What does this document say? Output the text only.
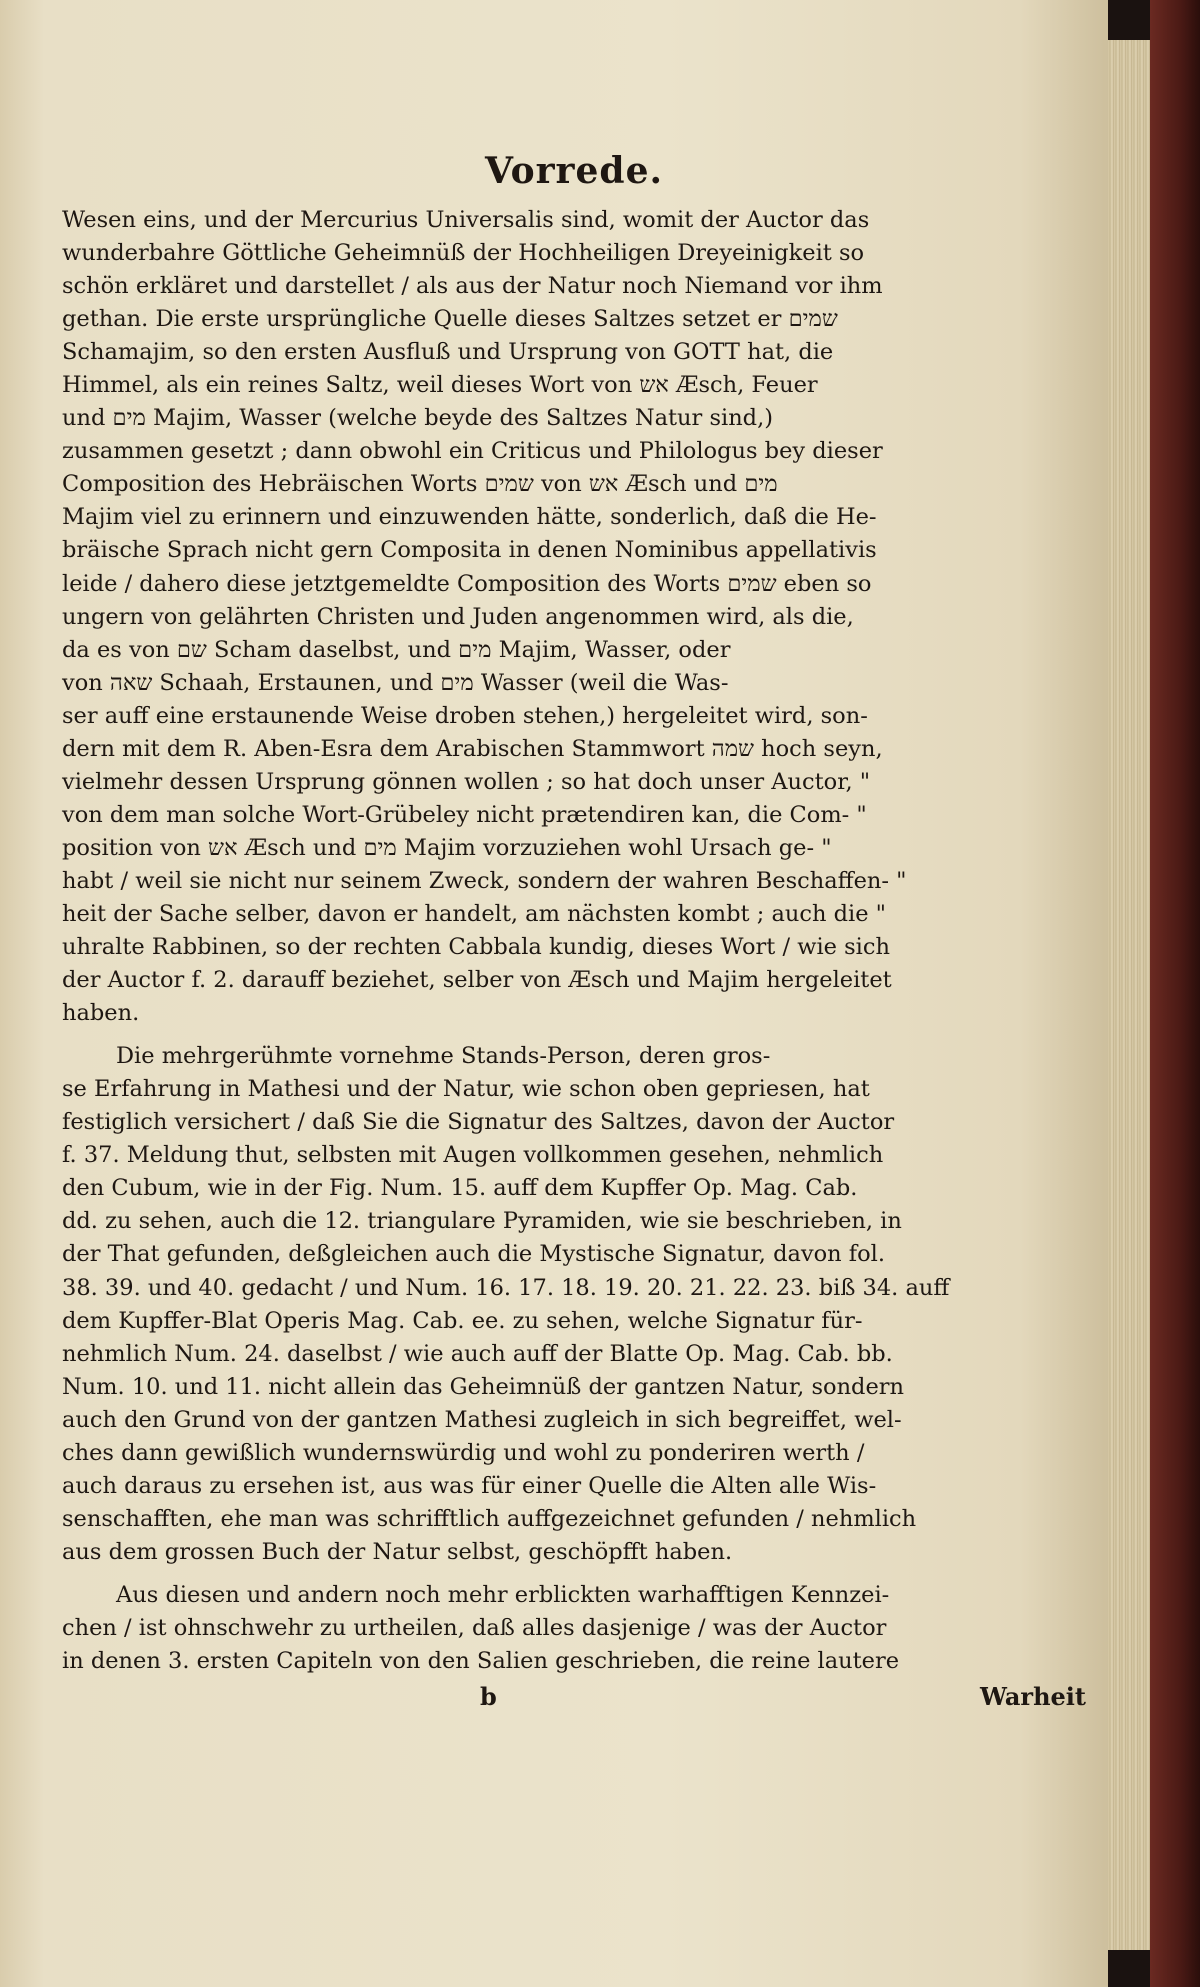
Vorrede.

Wesen eins, und der Mercurius Universalis sind, womit der Auctor das
wunderbahre Göttliche Geheimnüß der Hochheiligen Dreyeinigkeit so
schön erkläret und darstellet / als aus der Natur noch Niemand vor ihm
gethan. Die erste ursprüngliche Quelle dieses Saltzes setzet er שמים
Schamajim, so den ersten Ausfluß und Ursprung von GOTT hat, die
Himmel, als ein reines Saltz, weil dieses Wort von אש Æsch, Feuer
und מים Majim, Wasser (welche beyde des Saltzes Natur sind,)
zusammen gesetzt ; dann obwohl ein Criticus und Philologus bey dieser
Composition des Hebräischen Worts שמים von אש Æsch und מים
Majim viel zu erinnern und einzuwenden hätte, sonderlich, daß die He-
bräische Sprach nicht gern Composita in denen Nominibus appellativis
leide / dahero diese jetztgemeldte Composition des Worts שמים eben so
ungern von gelährten Christen und Juden angenommen wird, als die,
da es von שם Scham daselbst, und מים Majim, Wasser, oder
von שאה Schaah, Erstaunen, und מים Wasser (weil die Was-
ser auff eine erstaunende Weise droben stehen,) hergeleitet wird, son-
dern mit dem R. Aben-Esra dem Arabischen Stammwort שמה hoch seyn,
vielmehr dessen Ursprung gönnen wollen ; so hat doch unser Auctor, "
von dem man solche Wort-Grübeley nicht prætendiren kan, die Com- "
position von אש Æsch und מים Majim vorzuziehen wohl Ursach ge- "
habt / weil sie nicht nur seinem Zweck, sondern der wahren Beschaffen- "
heit der Sache selber, davon er handelt, am nächsten kombt ; auch die "
uhralte Rabbinen, so der rechten Cabbala kundig, dieses Wort / wie sich
der Auctor f. 2. darauff beziehet, selber von Æsch und Majim hergeleitet
haben.

Die mehrgerühmte vornehme Stands-Person, deren gros-
se Erfahrung in Mathesi und der Natur, wie schon oben gepriesen, hat
festiglich versichert / daß Sie die Signatur des Saltzes, davon der Auctor
f. 37. Meldung thut, selbsten mit Augen vollkommen gesehen, nehmlich
den Cubum, wie in der Fig. Num. 15. auff dem Kupffer Op. Mag. Cab.
dd. zu sehen, auch die 12. triangulare Pyramiden, wie sie beschrieben, in
der That gefunden, deßgleichen auch die Mystische Signatur, davon fol.
38. 39. und 40. gedacht / und Num. 16. 17. 18. 19. 20. 21. 22. 23. biß 34. auff
dem Kupffer-Blat Operis Mag. Cab. ee. zu sehen, welche Signatur für-
nehmlich Num. 24. daselbst / wie auch auff der Blatte Op. Mag. Cab. bb.
Num. 10. und 11. nicht allein das Geheimnüß der gantzen Natur, sondern
auch den Grund von der gantzen Mathesi zugleich in sich begreiffet, wel-
ches dann gewißlich wundernswürdig und wohl zu ponderiren werth /
auch daraus zu ersehen ist, aus was für einer Quelle die Alten alle Wis-
senschafften, ehe man was schrifftlich auffgezeichnet gefunden / nehmlich
aus dem grossen Buch der Natur selbst, geschöpfft haben.

Aus diesen und andern noch mehr erblickten warhafftigen Kennzei-
chen / ist ohnschwehr zu urtheilen, daß alles dasjenige / was der Auctor
in denen 3. ersten Capiteln von den Salien geschrieben, die reine lautere

b	Warheit
